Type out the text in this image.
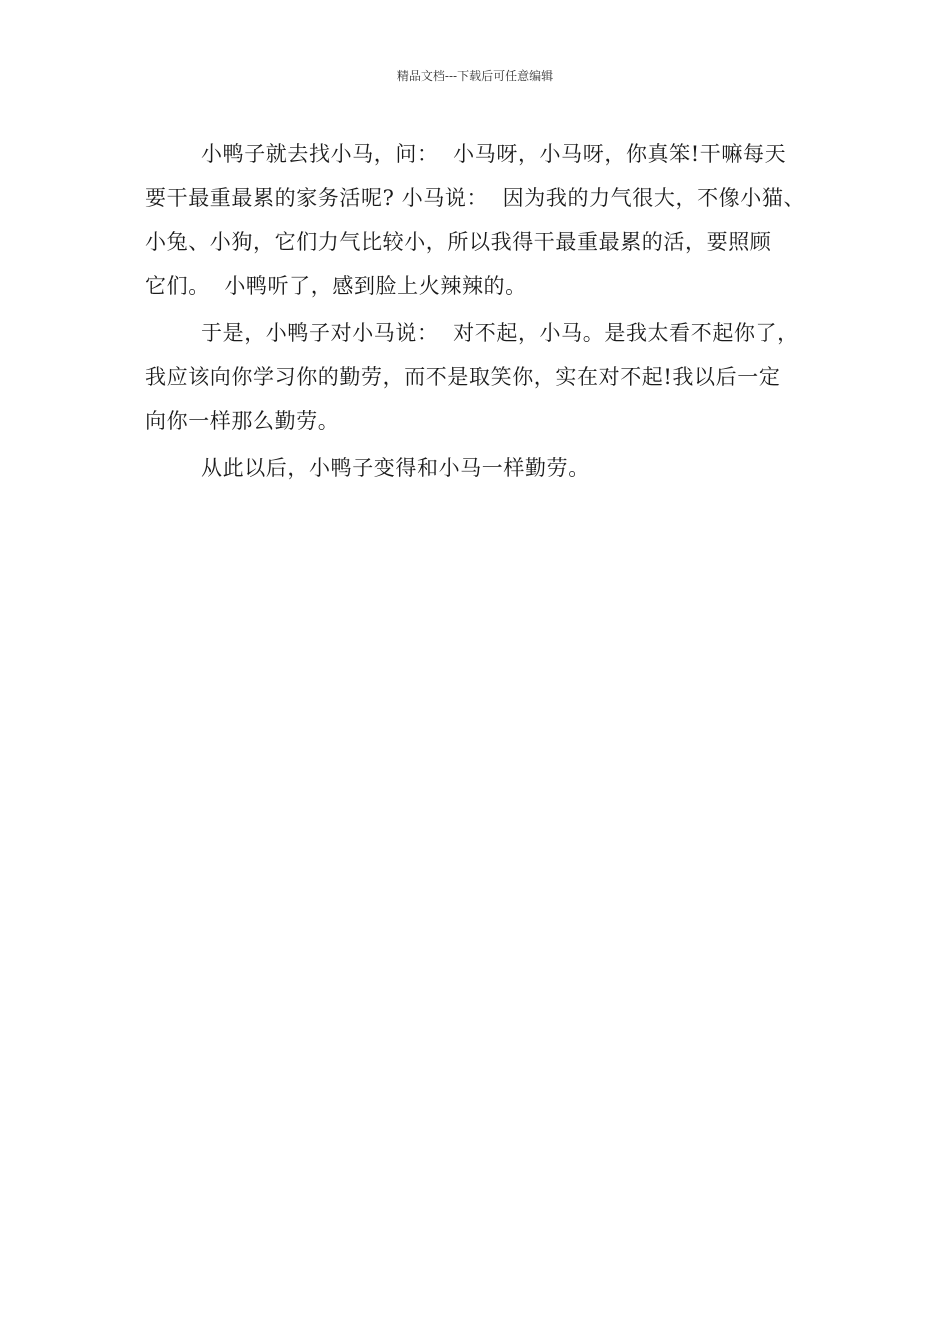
精品文档---下载后可任意编辑
小鸭子就去找小马，问：  小马呀，小马呀，你真笨!干嘛每天
要干最重最累的家务活呢? 小马说：  因为我的力气很大，不像小猫、
小兔、小狗，它们力气比较小，所以我得干最重最累的活，要照顾
它们。  小鸭听了，感到脸上火辣辣的。
于是，小鸭子对小马说：  对不起，小马。是我太看不起你了，
我应该向你学习你的勤劳，而不是取笑你，实在对不起!我以后一定
向你一样那么勤劳。
从此以后，小鸭子变得和小马一样勤劳。
